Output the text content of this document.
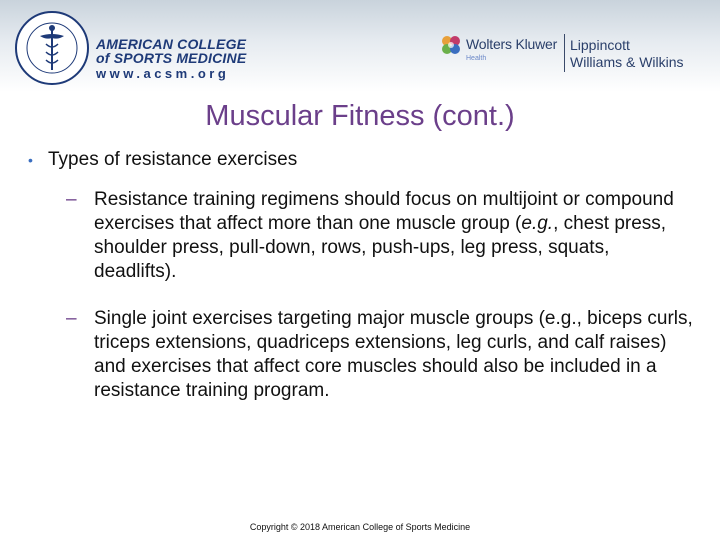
AMERICAN COLLEGE
of SPORTS MEDICINE
www.acsm.org
Wolters Kluwer
Health
Lippincott
Williams & Wilkins
Muscular Fitness (cont.)
• Types of resistance exercises
– Resistance training regimens should focus on multijoint or compound exercises that affect more than one muscle group (e.g., chest press, shoulder press, pull-down, rows, push-ups, leg press, squats, deadlifts).
– Single joint exercises targeting major muscle groups (e.g., biceps curls, triceps extensions, quadriceps extensions, leg curls, and calf raises) and exercises that affect core muscles should also be included in a resistance training program.
Copyright © 2018 American College of Sports Medicine
